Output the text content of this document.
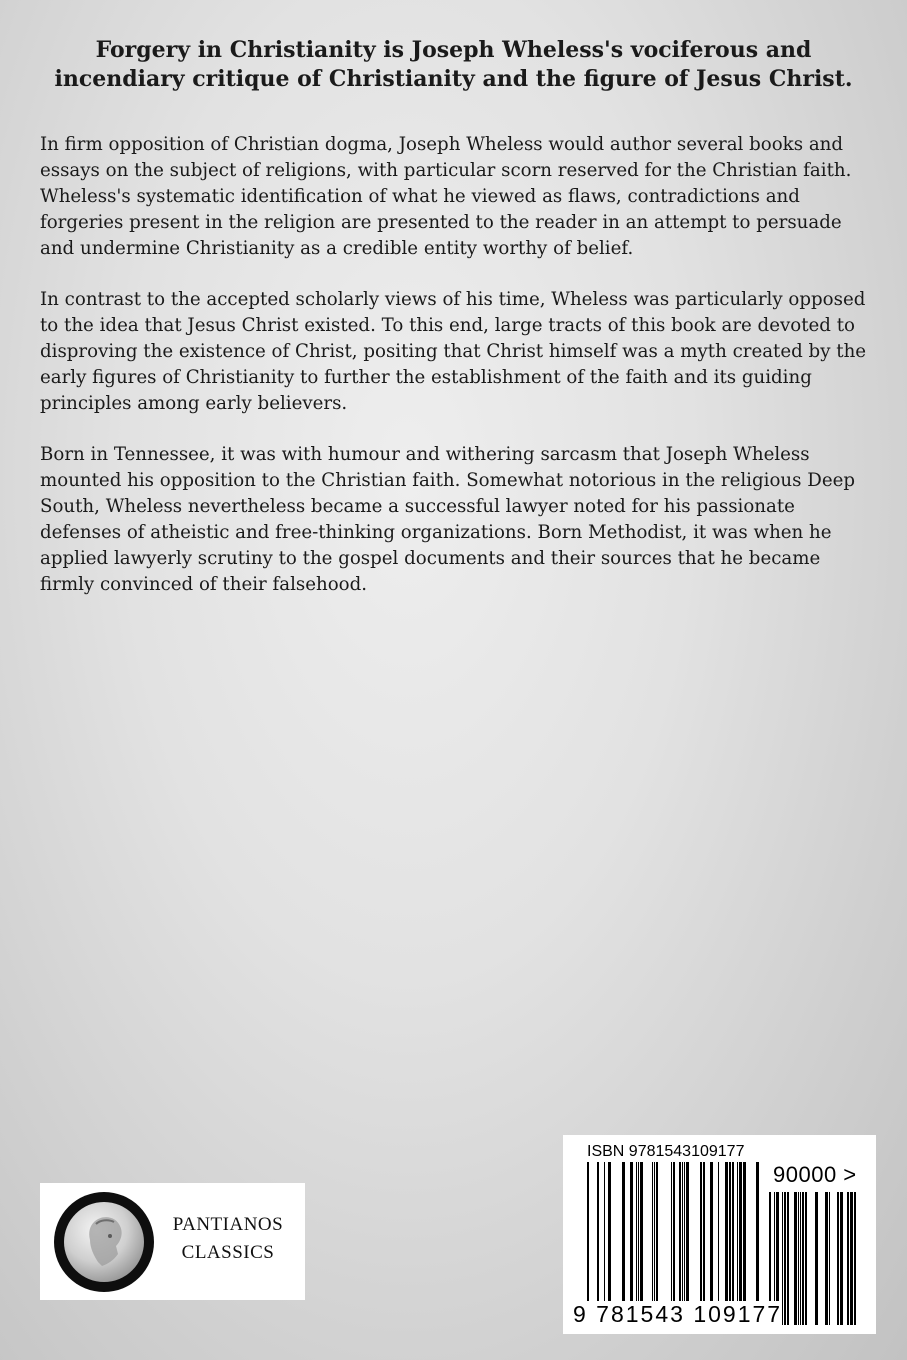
Forgery in Christianity is Joseph Wheless's vociferous and incendiary critique of Christianity and the figure of Jesus Christ.

In firm opposition of Christian dogma, Joseph Wheless would author several books and essays on the subject of religions, with particular scorn reserved for the Christian faith. Wheless's systematic identification of what he viewed as flaws, contradictions and forgeries present in the religion are presented to the reader in an attempt to persuade and undermine Christianity as a credible entity worthy of belief.

In contrast to the accepted scholarly views of his time, Wheless was particularly opposed to the idea that Jesus Christ existed. To this end, large tracts of this book are devoted to disproving the existence of Christ, positing that Christ himself was a myth created by the early figures of Christianity to further the establishment of the faith and its guiding principles among early believers.

Born in Tennessee, it was with humour and withering sarcasm that Joseph Wheless mounted his opposition to the Christian faith. Somewhat notorious in the religious Deep South, Wheless nevertheless became a successful lawyer noted for his passionate defenses of atheistic and free-thinking organizations. Born Methodist, it was when he applied lawyerly scrutiny to the gospel documents and their sources that he became firmly convinced of their falsehood.

PANTIANOS
CLASSICS
ISBN 9781543109177
90000 >
9 781543 109177
